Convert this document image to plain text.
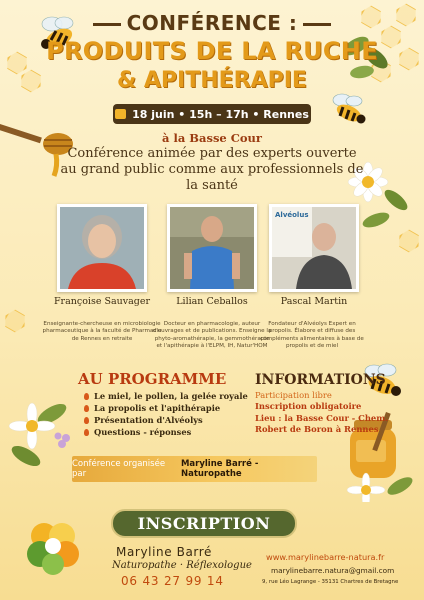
CONFÉRENCE :
PRODUITS DE LA RUCHE
& APITHÉRAPIE
18 juin • 15h – 17h • Rennes
à la Basse Cour
Conférence animée par des experts ouverte au grand public comme aux professionnels de la santé
Alvéolus
Françoise Sauvager	Lilian Ceballos	Pascal Martin
Enseignante-chercheuse en microbiologie pharmaceutique à la faculté de Pharmacie de Rennes en retraite
Docteur en pharmacologie, auteur d'ouvrages et de publications. Enseigne la phyto-aromathérapie, la gemmothérapie et l'apithérapie à l'ELPM, IH, Natur'HOM
Fondateur d'Alvéolys Expert en propolis. Élabore et diffuse des compléments alimentaires à base de propolis et de miel
AU PROGRAMME
Le miel, le pollen, la gelée royale
La propolis et l'apithérapie
Présentation d'Alvéolys
Questions - réponses
INFORMATIONS
Participation libre
Inscription obligatoire
Lieu : la Basse Cour - Chem. Robert de Boron à Rennes
Conférence organisée par
Maryline Barré - Naturopathe
INSCRIPTION
Maryline Barré
Naturopathe · Réflexologue
06 43 27 99 14
www.marylinebarre-natura.fr
marylinebarre.natura@gmail.com
9, rue Léo Lagrange - 35131 Chartres de Bretagne
